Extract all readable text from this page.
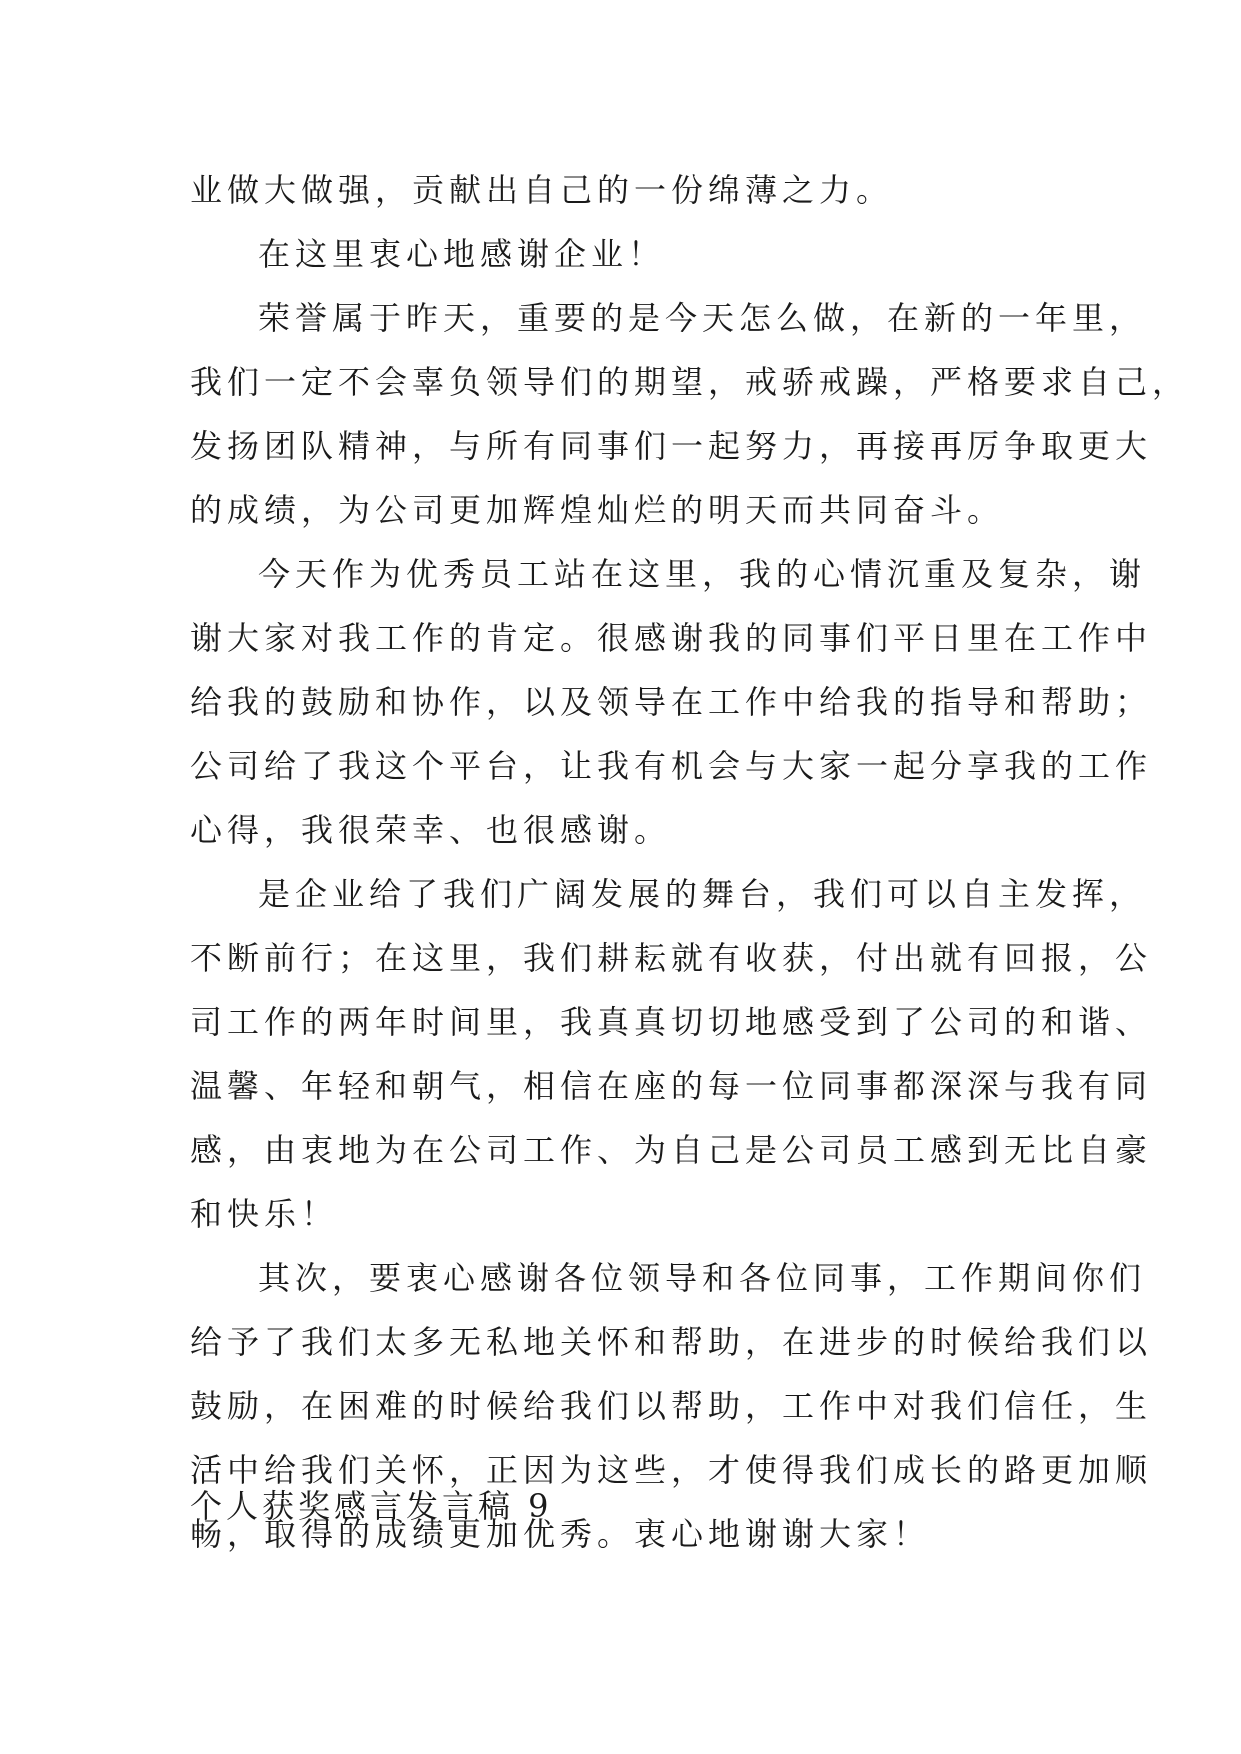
业做大做强，贡献出自己的一份绵薄之力。
在这里衷心地感谢企业！
荣誉属于昨天，重要的是今天怎么做，在新的一年里，
我们一定不会辜负领导们的期望，戒骄戒躁，严格要求自己，
发扬团队精神，与所有同事们一起努力，再接再厉争取更大
的成绩，为公司更加辉煌灿烂的明天而共同奋斗。
今天作为优秀员工站在这里，我的心情沉重及复杂，谢
谢大家对我工作的肯定。很感谢我的同事们平日里在工作中
给我的鼓励和协作，以及领导在工作中给我的指导和帮助；
公司给了我这个平台，让我有机会与大家一起分享我的工作
心得，我很荣幸、也很感谢。
是企业给了我们广阔发展的舞台，我们可以自主发挥，
不断前行；在这里，我们耕耘就有收获，付出就有回报，公
司工作的两年时间里，我真真切切地感受到了公司的和谐、
温馨、年轻和朝气，相信在座的每一位同事都深深与我有同
感，由衷地为在公司工作、为自己是公司员工感到无比自豪
和快乐！
其次，要衷心感谢各位领导和各位同事，工作期间你们
给予了我们太多无私地关怀和帮助，在进步的时候给我们以
鼓励，在困难的时候给我们以帮助，工作中对我们信任，生
活中给我们关怀，正因为这些，才使得我们成长的路更加顺
畅，取得的成绩更加优秀。衷心地谢谢大家！
个人获奖感言发言稿 9
